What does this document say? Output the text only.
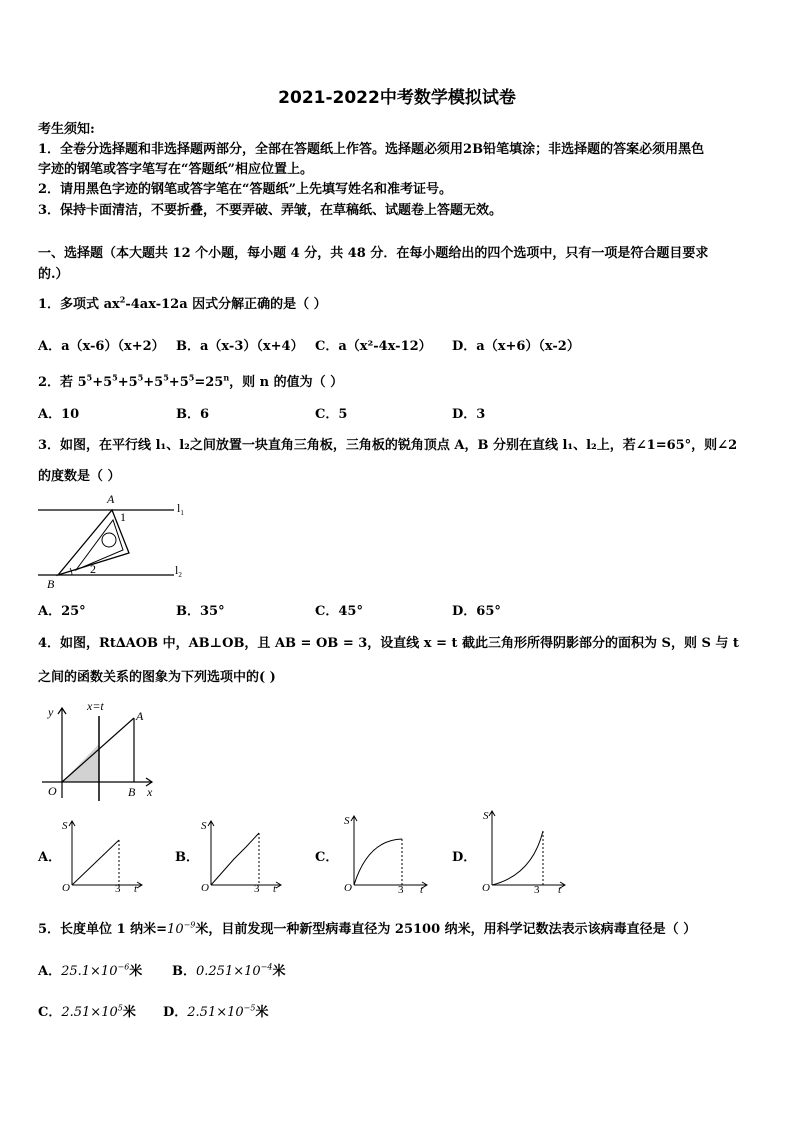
2021-2022中考数学模拟试卷
考生须知:
1．全卷分选择题和非选择题两部分，全部在答题纸上作答。选择题必须用2B铅笔填涂；非选择题的答案必须用黑色
字迹的钢笔或答字笔写在“答题纸”相应位置上。
2．请用黑色字迹的钢笔或答字笔在“答题纸”上先填写姓名和准考证号。
3．保持卡面清洁，不要折叠，不要弄破、弄皱，在草稿纸、试题卷上答题无效。
一、选择题（本大题共 12 个小题，每小题 4 分，共 48 分．在每小题给出的四个选项中，只有一项是符合题目要求
的.）
1．多项式 $ax^2-4ax-12a$ 因式分解正确的是（ ）
A．a（x-6）（x+2） B．a（x-3）（x+4） C．a（x²-4x-12） D．a（x+6）（x-2）
2．若 $5^5+5^5+5^5+5^5+5^5=25^n$，则 n 的值为（ ）
A．10	B．6	C．5	D．3
3．如图，在平行线 l₁、l₂之间放置一块直角三角板，三角板的锐角顶点 A，B 分别在直线 l₁、l₂上，若∠1=65°，则∠2
的度数是（ ）
A
B
1
2
$l_1$
$l_2$
A．25°	B．35°	C．45°	D．65°
4．如图，Rt∆AOB 中，AB⊥OB，且 AB = OB = 3，设直线 x = t 截此三角形所得阴影部分的面积为 S，则 S 与 t
之间的函数关系的图象为下列选项中的( )
y	x=t
A
O	B x
A．
S
O	3 t
B．
S
O	3 t
C．
S
O	3 t
D．
S
O	3 t
5．长度单位 1 纳米$=10^{-9}$米，目前发现一种新型病毒直径为 25100 纳米，用科学记数法表示该病毒直径是（ ）
A．$25.1\times 10^{-6}$米 B．$0.251\times 10^{-4}$米
C．$2.51\times 10^5$米 D．$2.51\times 10^{-5}$米
